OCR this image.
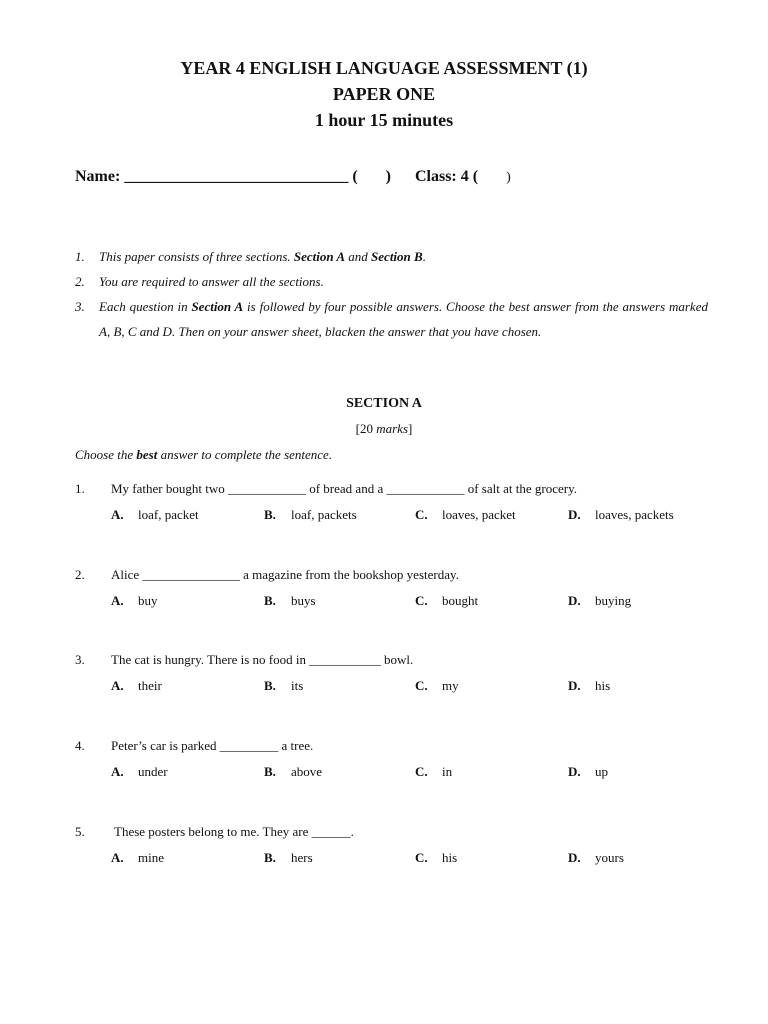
YEAR 4 ENGLISH LANGUAGE ASSESSMENT (1)
PAPER ONE
1 hour 15 minutes
Name: ____________________________ ( ) Class: 4 ( )
1.	This paper consists of three sections. Section A and Section B.
2.	You are required to answer all the sections.
3.	Each question in Section A is followed by four possible answers. Choose the best answer from the answers marked A, B, C and D. Then on your answer sheet, blacken the answer that you have chosen.
SECTION A
[20 marks]
Choose the best answer to complete the sentence.
1.	My father bought two ____________ of bread and a ____________ of salt at the grocery.
A. loaf, packet	B. loaf, packets	C. loaves, packet	D. loaves, packets
2.	Alice _______________ a magazine from the bookshop yesterday.
A. buy	B. buys	C. bought	D. buying
3.	The cat is hungry. There is no food in ___________ bowl.
A. their	B. its	C. my	D. his
4.	Peter’s car is parked _________ a tree.
A. under	B. above	C. in	D. up
5.	These posters belong to me. They are ______.
A. mine	B. hers	C. his	D. yours
